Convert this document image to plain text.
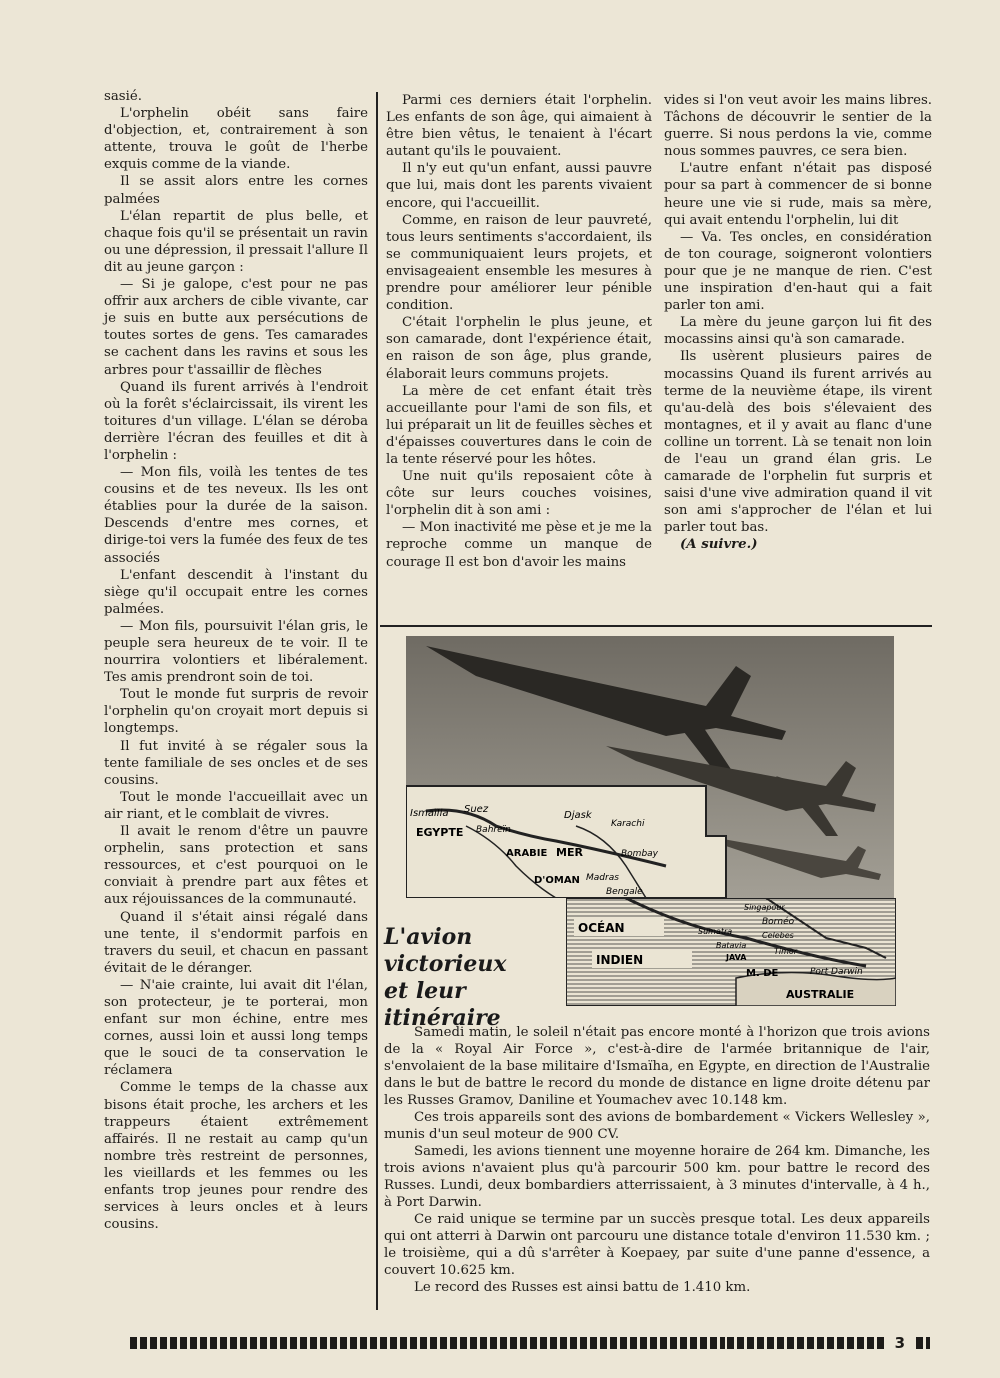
sasié.

L'orphelin obéit sans faire d'objection, et, contrairement à son attente, trouva le goût de l'herbe exquis comme de la viande.

Il se assit alors entre les cornes palmées

L'élan repartit de plus belle, et chaque fois qu'il se présentait un ravin ou une dépression, il pressait l'allure Il dit au jeune garçon :

— Si je galope, c'est pour ne pas offrir aux archers de cible vivante, car je suis en butte aux persécutions de toutes sortes de gens. Tes camarades se cachent dans les ravins et sous les arbres pour t'assaillir de flèches

Quand ils furent arrivés à l'endroit où la forêt s'éclaircissait, ils virent les toitures d'un village. L'élan se déroba derrière l'écran des feuilles et dit à l'orphelin :

— Mon fils, voilà les tentes de tes cousins et de tes neveux. Ils les ont établies pour la durée de la saison. Descends d'entre mes cornes, et dirige-toi vers la fumée des feux de tes associés

L'enfant descendit à l'instant du siège qu'il occupait entre les cornes palmées.

— Mon fils, poursuivit l'élan gris, le peuple sera heureux de te voir. Il te nourrira volontiers et libéralement. Tes amis prendront soin de toi.

Tout le monde fut surpris de revoir l'orphelin qu'on croyait mort depuis si longtemps.

Il fut invité à se régaler sous la tente familiale de ses oncles et de ses cousins.

Tout le monde l'accueillait avec un air riant, et le comblait de vivres.

Il avait le renom d'être un pauvre orphelin, sans protection et sans ressources, et c'est pourquoi on le conviait à prendre part aux fêtes et aux réjouissances de la communauté.

Quand il s'était ainsi régalé dans une tente, il s'endormit parfois en travers du seuil, et chacun en passant évitait de le déranger.

— N'aie crainte, lui avait dit l'élan, son protecteur, je te porterai, mon enfant sur mon échine, entre mes cornes, aussi loin et aussi long temps que le souci de ta conservation le réclamera

Comme le temps de la chasse aux bisons était proche, les archers et les trappeurs étaient extrêmement affairés. Il ne restait au camp qu'un nombre très restreint de personnes, les vieillards et les femmes ou les enfants trop jeunes pour rendre des services à leurs oncles et à leurs cousins.

Parmi ces derniers était l'orphelin. Les enfants de son âge, qui aimaient à être bien vêtus, le tenaient à l'écart autant qu'ils le pouvaient.

Il n'y eut qu'un enfant, aussi pauvre que lui, mais dont les parents vivaient encore, qui l'accueillit.

Comme, en raison de leur pauvreté, tous leurs sentiments s'accordaient, ils se communiquaient leurs projets, et envisageaient ensemble les mesures à prendre pour améliorer leur pénible condition.

C'était l'orphelin le plus jeune, et son camarade, dont l'expérience était, en raison de son âge, plus grande, élaborait leurs communs projets.

La mère de cet enfant était très accueillante pour l'ami de son fils, et lui préparait un lit de feuilles sèches et d'épaisses couvertures dans le coin de la tente réservé pour les hôtes.

Une nuit qu'ils reposaient côte à côte sur leurs couches voisines, l'orphelin dit à son ami :

— Mon inactivité me pèse et je me la reproche comme un manque de courage Il est bon d'avoir les mains

vides si l'on veut avoir les mains libres. Tâchons de découvrir le sentier de la guerre. Si nous perdons la vie, comme nous sommes pauvres, ce sera bien.

L'autre enfant n'était pas disposé pour sa part à commencer de si bonne heure une vie si rude, mais sa mère, qui avait entendu l'orphelin, lui dit

— Va. Tes oncles, en considération de ton courage, soigneront volontiers pour que je ne manque de rien. C'est une inspiration d'en-haut qui a fait parler ton ami.

La mère du jeune garçon lui fit des mocassins ainsi qu'à son camarade.

Ils usèrent plusieurs paires de mocassins Quand ils furent arrivés au terme de la neuvième étape, ils virent qu'au-delà des bois s'élevaient des montagnes, et il y avait au flanc d'une colline un torrent. Là se tenait non loin de l'eau un grand élan gris. Le camarade de l'orphelin fut surpris et saisi d'une vive admiration quand il vit son ami s'approcher de l'élan et lui parler tout bas.

(A suivre.)

Ismaïlia Suez
EGYPTE Bahreïn
Djask
Karachi
ARABIE MER	Bombay
D'OMAN Madras
Bengale
OCÉAN
INDIEN
Singapour
Bornéo
Celebes
Sumatra
Batavia
JAVA
Timor
M. DE	Port Darwin
AUSTRALIE
L'avion
victorieux
et leur
itinéraire

Samedi matin, le soleil n'était pas encore monté à l'horizon que trois avions de la « Royal Air Force », c'est-à-dire de l'armée britannique de l'air, s'envolaient de la base militaire d'Ismaïha, en Egypte, en direction de l'Australie dans le but de battre le record du monde de distance en ligne droite détenu par les Russes Gramov, Daniline et Youmachev avec 10.148 km.

Ces trois appareils sont des avions de bombardement « Vickers Wellesley », munis d'un seul moteur de 900 CV.

Samedi, les avions tiennent une moyenne horaire de 264 km. Dimanche, les trois avions n'avaient plus qu'à parcourir 500 km. pour battre le record des Russes. Lundi, deux bombardiers atterrissaient, à 3 minutes d'intervalle, à 4 h., à Port Darwin.

Ce raid unique se termine par un succès presque total. Les deux appareils qui ont atterri à Darwin ont parcouru une distance totale d'environ 11.530 km. ; le troisième, qui a dû s'arrêter à Koepaey, par suite d'une panne d'essence, a couvert 10.625 km.

Le record des Russes est ainsi battu de 1.410 km.

3
